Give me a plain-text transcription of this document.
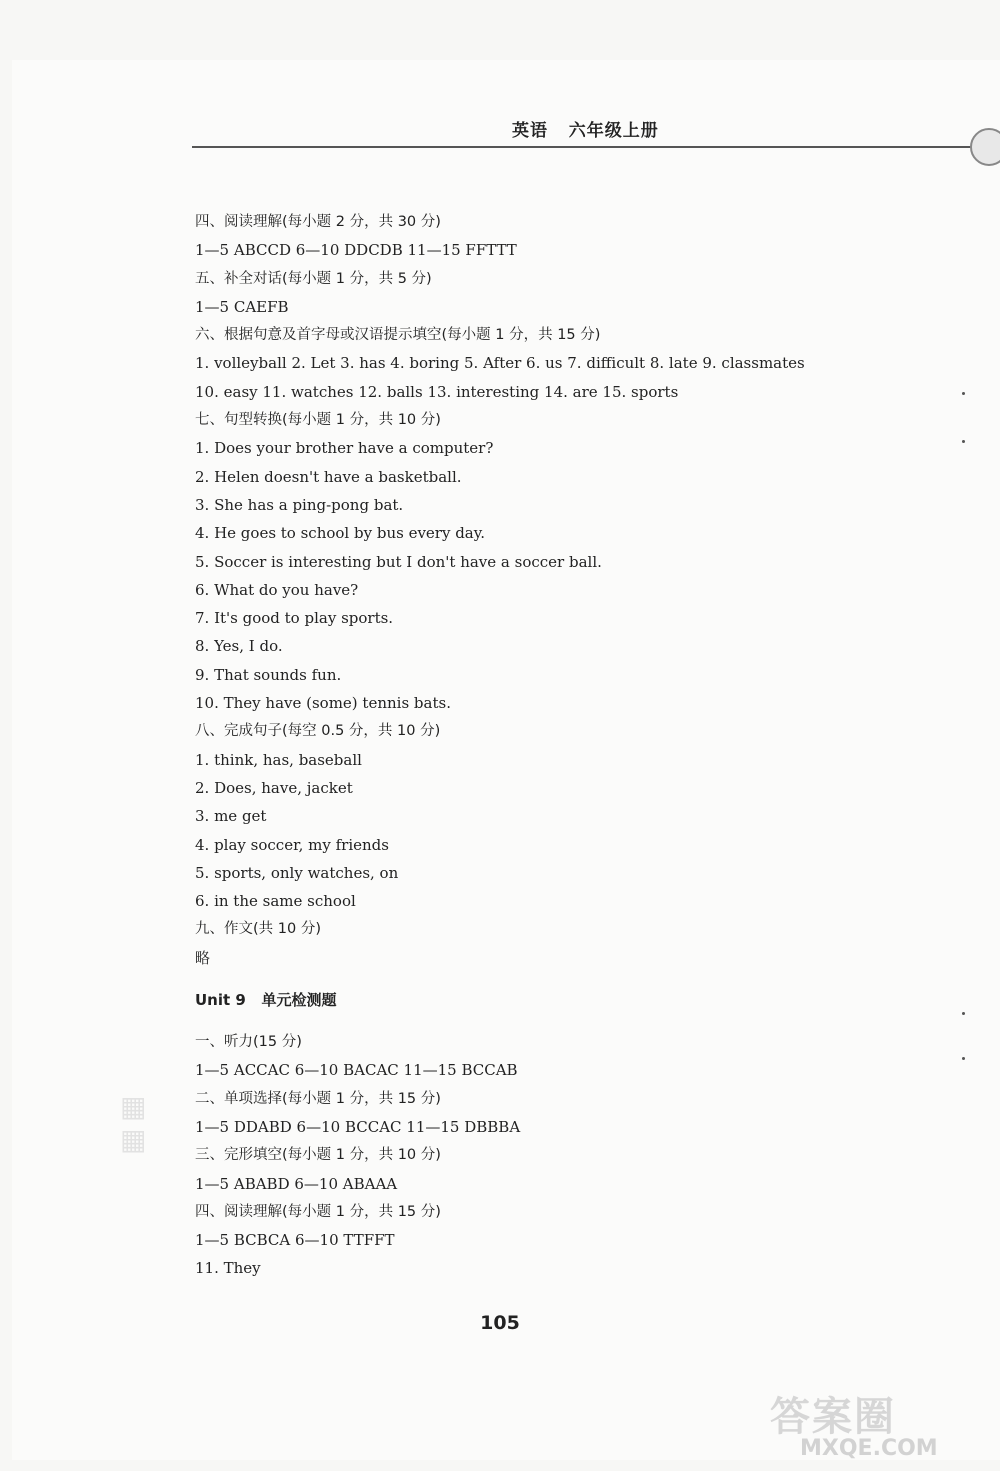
英语   六年级上册
▦
▦
四、阅读理解(每小题 2 分，共 30 分)
1—5 ABCCD 6—10 DDCDB 11—15 FFTTT
五、补全对话(每小题 1 分，共 5 分)
1—5 CAEFB
六、根据句意及首字母或汉语提示填空(每小题 1 分，共 15 分)
1. volleyball 2. Let 3. has 4. boring 5. After 6. us 7. difficult 8. late 9. classmates
10. easy 11. watches 12. balls 13. interesting 14. are 15. sports
七、句型转换(每小题 1 分，共 10 分)
1. Does your brother have a computer?
2. Helen doesn't have a basketball.
3. She has a ping-pong bat.
4. He goes to school by bus every day.
5. Soccer is interesting but I don't have a soccer ball.
6. What do you have?
7. It's good to play sports.
8. Yes, I do.
9. That sounds fun.
10. They have (some) tennis bats.
八、完成句子(每空 0.5 分，共 10 分)
1. think, has, baseball
2. Does, have, jacket
3. me get
4. play soccer, my friends
5. sports, only watches, on
6. in the same school
九、作文(共 10 分)
略
Unit 9   单元检测题
一、听力(15 分)
1—5 ACCAC 6—10 BACAC 11—15 BCCAB
二、单项选择(每小题 1 分，共 15 分)
1—5 DDABD 6—10 BCCAC 11—15 DBBBA
三、完形填空(每小题 1 分，共 10 分)
1—5 ABABD 6—10 ABAAA
四、阅读理解(每小题 1 分，共 15 分)
1—5 BCBCA 6—10 TTFFT
11. They
105
答案圈
MXQE.COM
